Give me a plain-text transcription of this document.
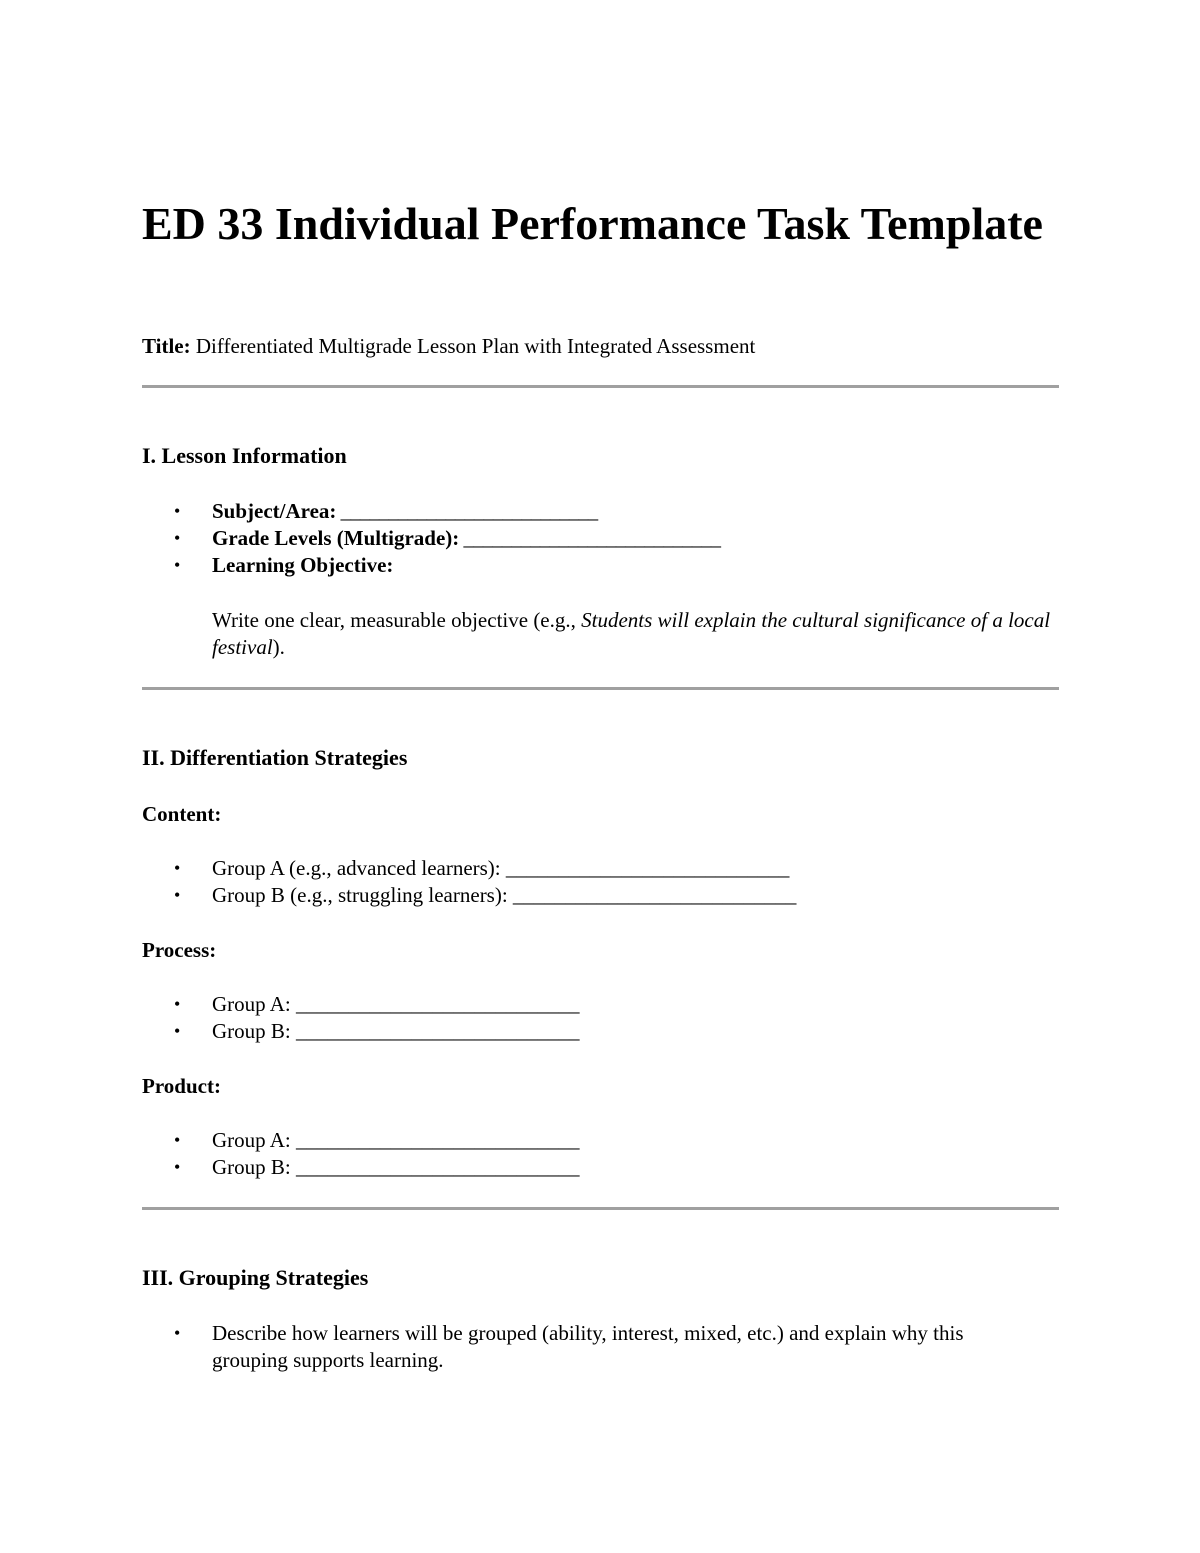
ED 33 Individual Performance Task Template
Title: Differentiated Multigrade Lesson Plan with Integrated Assessment
I. Lesson Information
• Subject/Area: ___________________________
• Grade Levels (Multigrade): ___________________________
• Learning Objective:
Write one clear, measurable objective (e.g., Students will explain the cultural significance of a local festival).
II. Differentiation Strategies
Content:
• Group A (e.g., advanced learners): ___________________________
• Group B (e.g., struggling learners): ___________________________
Process:
• Group A: ___________________________
• Group B: ___________________________
Product:
• Group A: ___________________________
• Group B: ___________________________
III. Grouping Strategies
• Describe how learners will be grouped (ability, interest, mixed, etc.) and explain why this grouping supports learning.
